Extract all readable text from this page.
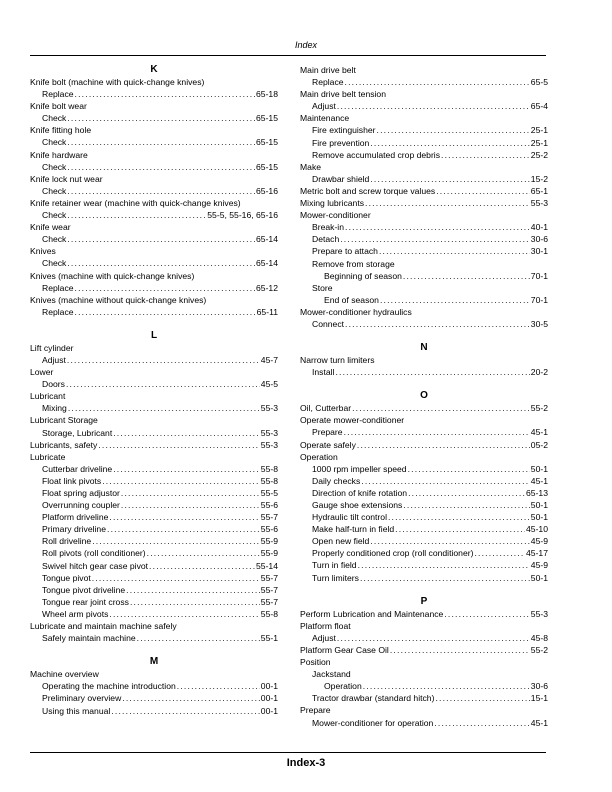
Index
K
Knife bolt (machine with quick-change knives)
Replace . . .	65-18
Knife bolt wear
Check . . .	65-15
Knife fitting hole
Check . . .	65-15
Knife hardware
Check . . .	65-15
Knife lock nut wear
Check . . .	65-16
Knife retainer wear (machine with quick-change knives)
Check . . .	55-5, 55-16, 65-16
Knife wear
Check . . .	65-14
Knives
Check . . .	65-14
Knives (machine with quick-change knives)
Replace . . .	65-12
Knives (machine without quick-change knives)
Replace . . .	65-11
L
Lift cylinder
Adjust . . .	45-7
Lower
Doors . . .	45-5
Lubricant
Mixing . . .	55-3
Lubricant Storage
Storage, Lubricant . . .	55-3
Lubricants, safety . . .	55-3
Lubricate
Cutterbar driveline . . .	55-8
Float link pivots . . .	55-8
Float spring adjustor . . .	55-5
Overrunning coupler . . .	55-6
Platform driveline . . .	55-7
Primary driveline . . .	55-6
Roll driveline . . .	55-9
Roll pivots (roll conditioner) . . .	55-9
Swivel hitch gear case pivot . . .	55-14
Tongue pivot . . .	55-7
Tongue pivot driveline . . .	55-7
Tongue rear joint cross . . .	55-7
Wheel arm pivots . . .	55-8
Lubricate and maintain machine safely
Safely maintain machine . . .	55-1
M
Machine overview
Operating the machine introduction . . .	00-1
Preliminary overview . . .	00-1
Using this manual . . .	00-1
Main drive belt
Replace . . .	65-5
Main drive belt tension
Adjust . . .	65-4
Maintenance
Fire extinguisher . . .	25-1
Fire prevention . . .	25-1
Remove accumulated crop debris . . .	25-2
Make
Drawbar shield . . .	15-2
Metric bolt and screw torque values . . .	65-1
Mixing lubricants . . .	55-3
Mower-conditioner
Break-in . . .	40-1
Detach . . .	30-6
Prepare to attach . . .	30-1
Remove from storage
Beginning of season . . .	70-1
Store
End of season . . .	70-1
Mower-conditioner hydraulics
Connect . . .	30-5
N
Narrow turn limiters
Install . . .	20-2
O
Oil, Cutterbar . . .	55-2
Operate mower-conditioner
Prepare . . .	45-1
Operate safely . . .	05-2
Operation
1000 rpm impeller speed . . .	50-1
Daily checks . . .	45-1
Direction of knife rotation . . .	65-13
Gauge shoe extensions . . .	50-1
Hydraulic tilt control . . .	50-1
Make half-turn in field . . .	45-10
Open new field . . .	45-9
Properly conditioned crop (roll conditioner) . . .	45-17
Turn in field . . .	45-9
Turn limiters . . .	50-1
P
Perform Lubrication and Maintenance . . .	55-3
Platform float
Adjust . . .	45-8
Platform Gear Case Oil . . .	55-2
Position
Jackstand
Operation . . .	30-6
Tractor drawbar (standard hitch) . . .	15-1
Prepare
Mower-conditioner for operation . . .	45-1
Index-3
